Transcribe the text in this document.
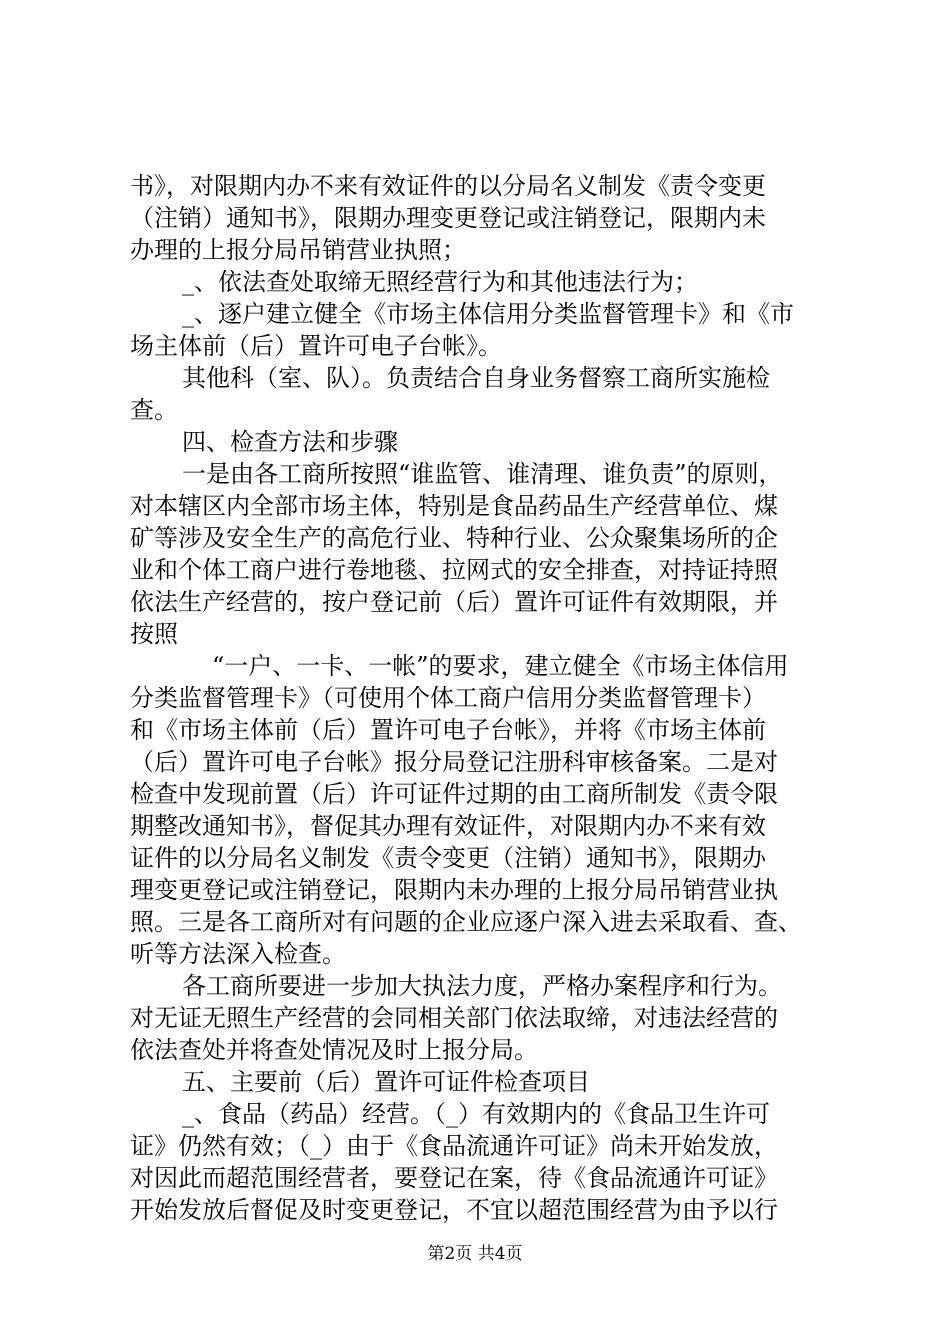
书》，对限期内办不来有效证件的以分局名义制发《责令变更
（注销）通知书》，限期办理变更登记或注销登记，限期内未
办理的上报分局吊销营业执照；
_、依法查处取缔无照经营行为和其他违法行为；
_、逐户建立健全《市场主体信用分类监督管理卡》和《市
场主体前（后）置许可电子台帐》。
其他科（室、队）。负责结合自身业务督察工商所实施检
查。
四、检查方法和步骤
一是由各工商所按照“谁监管、谁清理、谁负责”的原则，
对本辖区内全部市场主体，特别是食品药品生产经营单位、煤
矿等涉及安全生产的高危行业、特种行业、公众聚集场所的企
业和个体工商户进行卷地毯、拉网式的安全排查，对持证持照
依法生产经营的，按户登记前（后）置许可证件有效期限，并
按照
“一户、一卡、一帐”的要求，建立健全《市场主体信用
分类监督管理卡》（可使用个体工商户信用分类监督管理卡）
和《市场主体前（后）置许可电子台帐》，并将《市场主体前
（后）置许可电子台帐》报分局登记注册科审核备案。二是对
检查中发现前置（后）许可证件过期的由工商所制发《责令限
期整改通知书》，督促其办理有效证件，对限期内办不来有效
证件的以分局名义制发《责令变更（注销）通知书》，限期办
理变更登记或注销登记，限期内未办理的上报分局吊销营业执
照。三是各工商所对有问题的企业应逐户深入进去采取看、查、
听等方法深入检查。
各工商所要进一步加大执法力度，严格办案程序和行为。
对无证无照生产经营的会同相关部门依法取缔，对违法经营的
依法查处并将查处情况及时上报分局。
五、主要前（后）置许可证件检查项目
_、食品（药品）经营。（_）有效期内的《食品卫生许可
证》仍然有效；（_）由于《食品流通许可证》尚未开始发放，
对因此而超范围经营者，要登记在案，待《食品流通许可证》
开始发放后督促及时变更登记，不宜以超范围经营为由予以行
第2页 共4页
